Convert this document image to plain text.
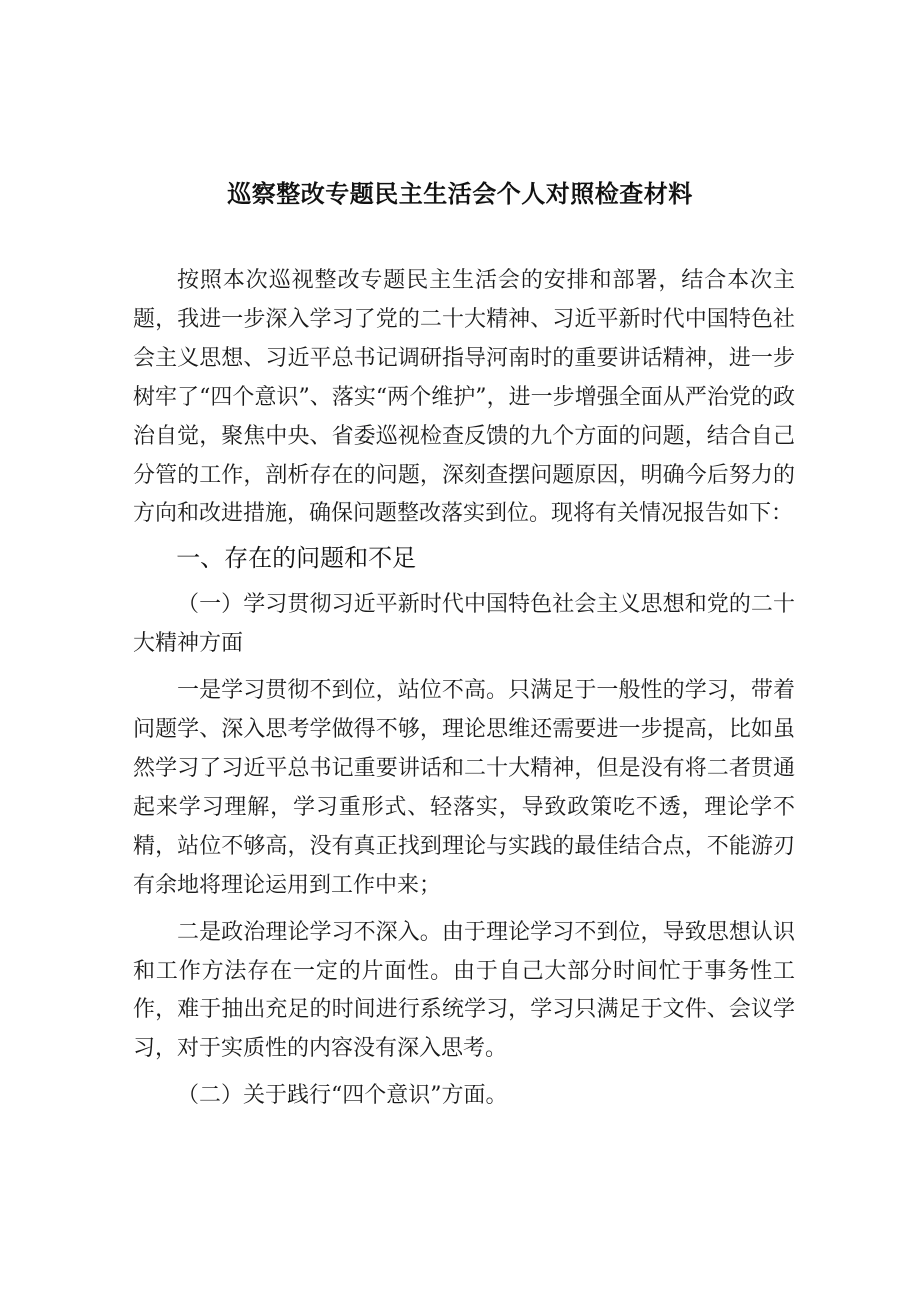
巡察整改专题民主生活会个人对照检查材料

按照本次巡视整改专题民主生活会的安排和部署，结合本次主题，我进一步深入学习了党的二十大精神、习近平新时代中国特色社会主义思想、习近平总书记调研指导河南时的重要讲话精神，进一步树牢了“四个意识”、落实“两个维护”，进一步增强全面从严治党的政治自觉，聚焦中央、省委巡视检查反馈的九个方面的问题，结合自己分管的工作，剖析存在的问题，深刻查摆问题原因，明确今后努力的方向和改进措施，确保问题整改落实到位。现将有关情况报告如下：

一、存在的问题和不足

（一）学习贯彻习近平新时代中国特色社会主义思想和党的二十大精神方面

一是学习贯彻不到位，站位不高。只满足于一般性的学习，带着问题学、深入思考学做得不够，理论思维还需要进一步提高，比如虽然学习了习近平总书记重要讲话和二十大精神，但是没有将二者贯通起来学习理解，学习重形式、轻落实，导致政策吃不透，理论学不精，站位不够高，没有真正找到理论与实践的最佳结合点，不能游刃有余地将理论运用到工作中来；

二是政治理论学习不深入。由于理论学习不到位，导致思想认识和工作方法存在一定的片面性。由于自己大部分时间忙于事务性工作，难于抽出充足的时间进行系统学习，学习只满足于文件、会议学习，对于实质性的内容没有深入思考。

（二）关于践行“四个意识”方面。
